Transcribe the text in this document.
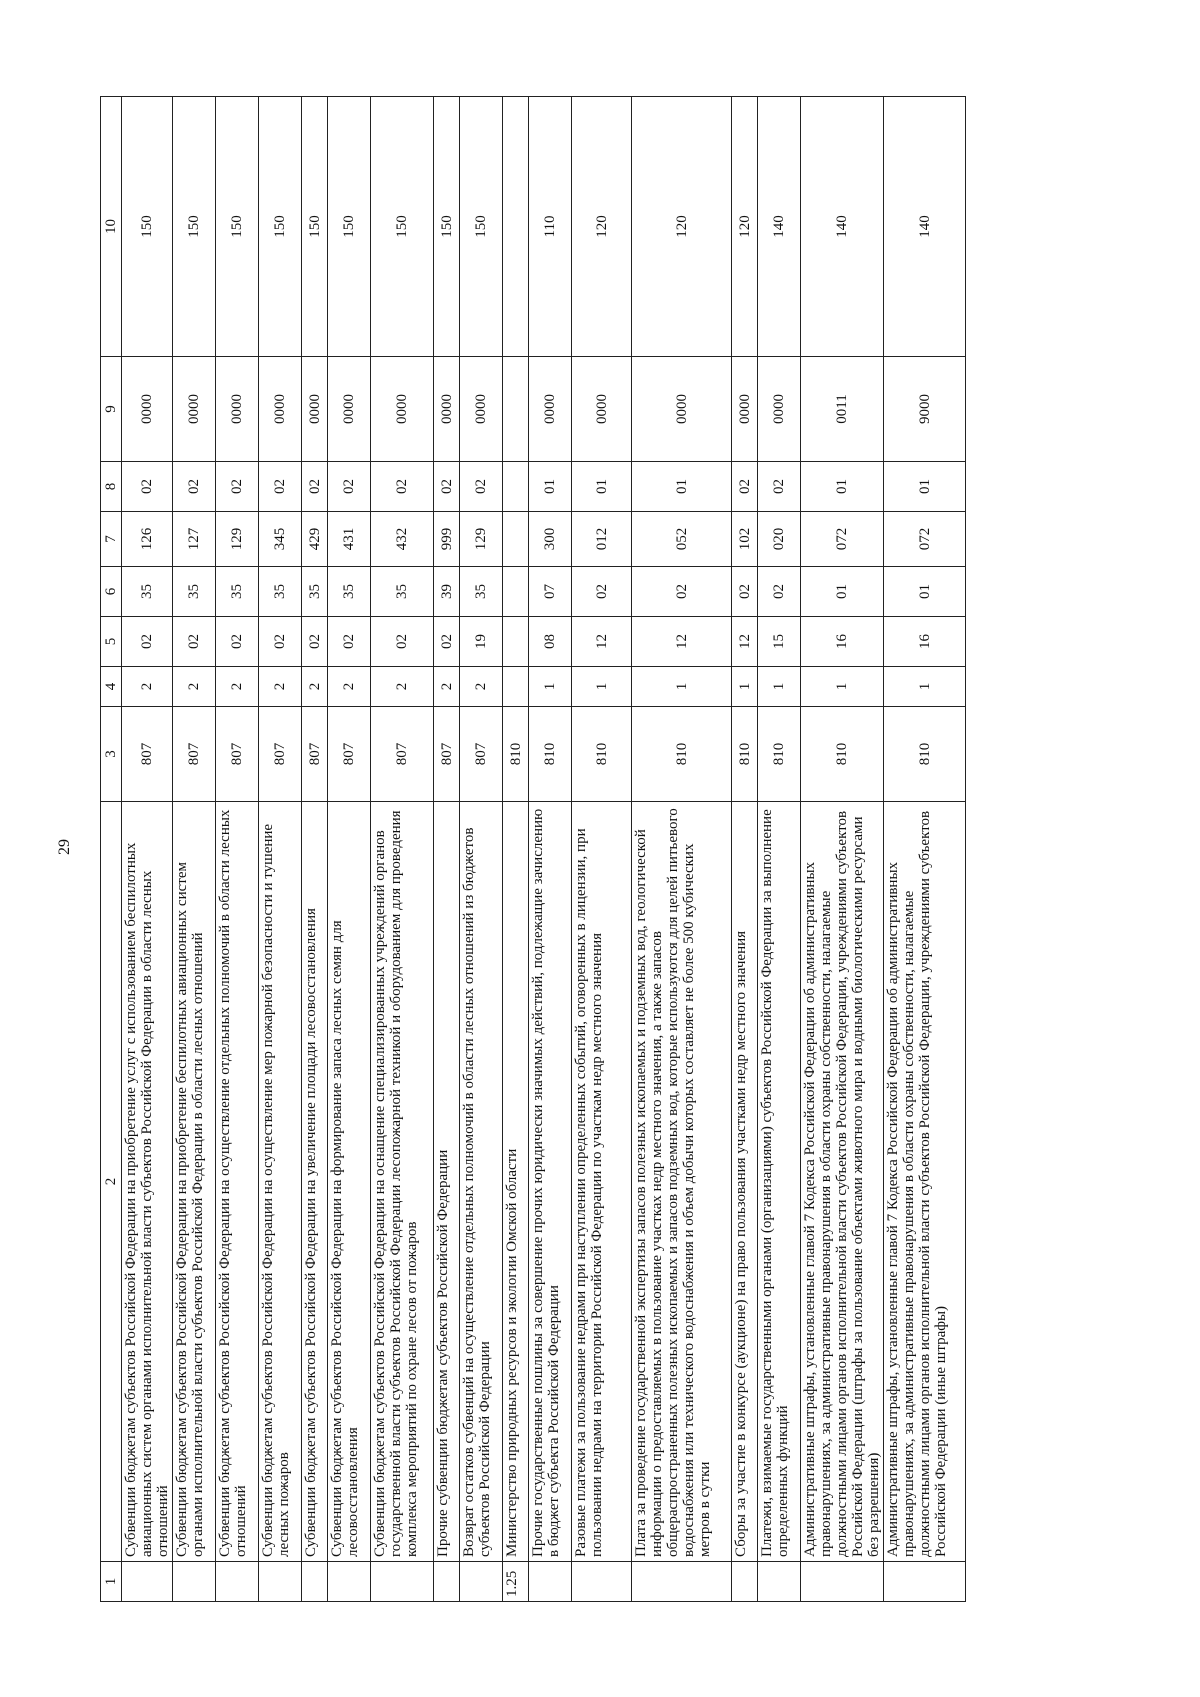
29
1	2	3	4	5	6	7	8	9	10
	Субвенции бюджетам субъектов Российской Федерации на приобретение услуг с использованием беспилотных авиационных систем органами исполнительной власти субъектов Российской Федерации в области лесных отношений	807	2	02	35	126	02	0000	150
	Субвенции бюджетам субъектов Российской Федерации на приобретение беспилотных авиационных систем органами исполнительной власти субъектов Российской Федерации в области лесных отношений	807	2	02	35	127	02	0000	150
	Субвенции бюджетам субъектов Российской Федерации на осуществление отдельных полномочий в области лесных отношений	807	2	02	35	129	02	0000	150
	Субвенции бюджетам субъектов Российской Федерации на осуществление мер пожарной безопасности и тушение лесных пожаров	807	2	02	35	345	02	0000	150
	Субвенции бюджетам субъектов Российской Федерации на увеличение площади лесовосстановления	807	2	02	35	429	02	0000	150
	Субвенции бюджетам субъектов Российской Федерации на формирование запаса лесных семян для лесовосстановления	807	2	02	35	431	02	0000	150
	Субвенции бюджетам субъектов Российской Федерации на оснащение специализированных учреждений органов государственной власти субъектов Российской Федерации лесопожарной техникой и оборудованием для проведения комплекса мероприятий по охране лесов от пожаров	807	2	02	35	432	02	0000	150
	Прочие субвенции бюджетам субъектов Российской Федерации	807	2	02	39	999	02	0000	150
	Возврат остатков субвенций на осуществление отдельных полномочий в области лесных отношений из бюджетов субъектов Российской Федерации	807	2	19	35	129	02	0000	150
1.25	Министерство природных ресурсов и экологии Омской области	810							
	Прочие государственные пошлины за совершение прочих юридически значимых действий, подлежащие зачислению в бюджет субъекта Российской Федерации	810	1	08	07	300	01	0000	110
	Разовые платежи за пользование недрами при наступлении определенных событий, оговоренных в лицензии, при пользовании недрами на территории Российской Федерации по участкам недр местного значения	810	1	12	02	012	01	0000	120
	Плата за проведение государственной экспертизы запасов полезных ископаемых и подземных вод, геологической информации о предоставляемых в пользование участках недр местного значения, а также запасов общераспространенных полезных ископаемых и запасов подземных вод, которые используются для целей питьевого водоснабжения или технического водоснабжения и объем добычи которых составляет не более 500 кубических метров в сутки	810	1	12	02	052	01	0000	120
	Сборы за участие в конкурсе (аукционе) на право пользования участками недр местного значения	810	1	12	02	102	02	0000	120
	Платежи, взимаемые государственными органами (организациями) субъектов Российской Федерации за выполнение определенных функций	810	1	15	02	020	02	0000	140
	Административные штрафы, установленные главой 7 Кодекса Российской Федерации об административных правонарушениях, за административные правонарушения в области охраны собственности, налагаемые должностными лицами органов исполнительной власти субъектов Российской Федерации, учреждениями субъектов Российской Федерации (штрафы за пользование объектами животного мира и водными биологическими ресурсами без разрешения)	810	1	16	01	072	01	0011	140
	Административные штрафы, установленные главой 7 Кодекса Российской Федерации об административных правонарушениях, за административные правонарушения в области охраны собственности, налагаемые должностными лицами органов исполнительной власти субъектов Российской Федерации, учреждениями субъектов Российской Федерации (иные штрафы)	810	1	16	01	072	01	9000	140
